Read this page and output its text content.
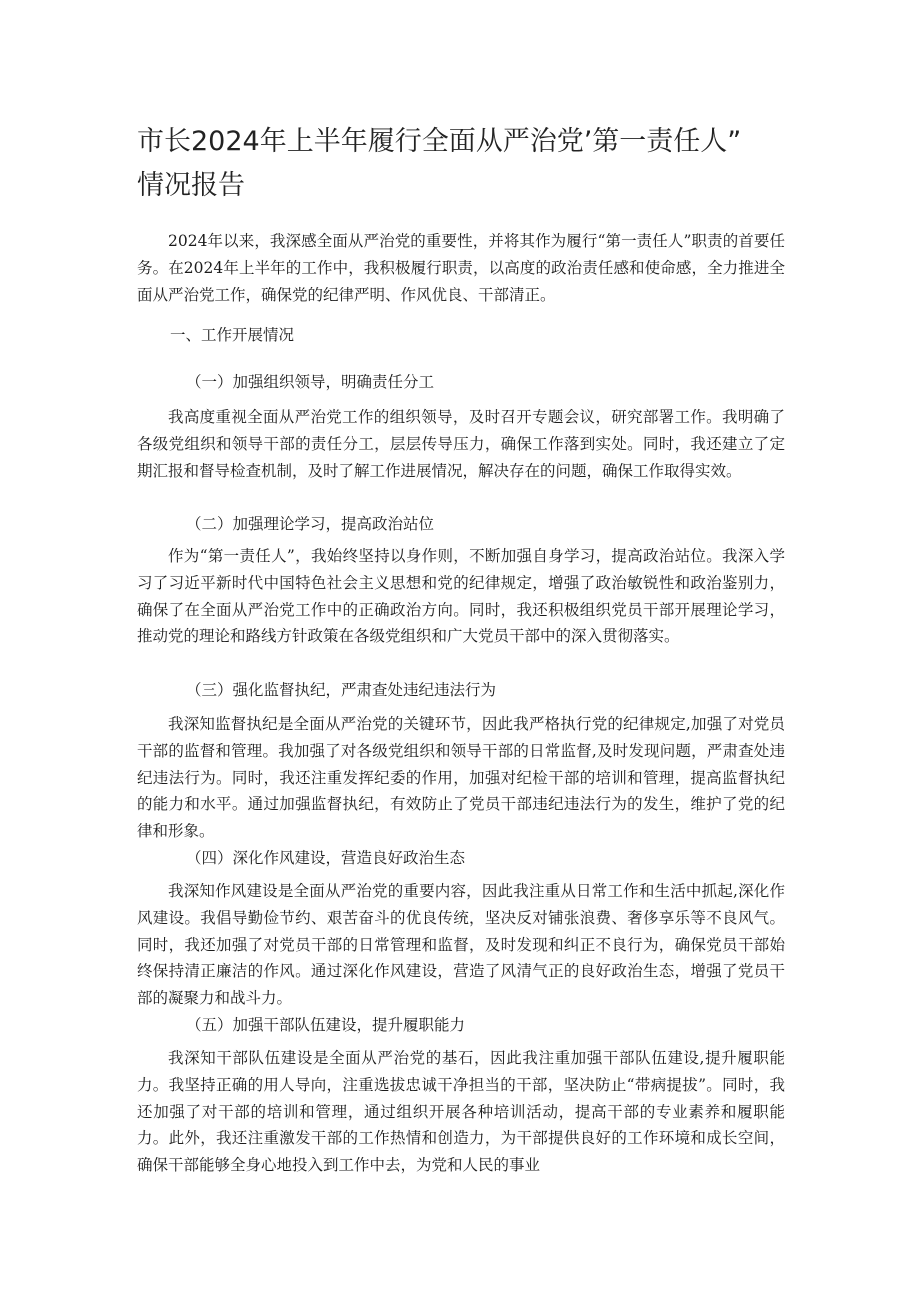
市长2024年上半年履行全面从严治党’第一责任人”
情况报告

2024年以来，我深感全面从严治党的重要性，并将其作为履行“第一责任人”职责的首要任务。在2024年上半年的工作中，我积极履行职责，以高度的政治责任感和使命感，全力推进全面从严治党工作，确保党的纪律严明、作风优良、干部清正。

一、工作开展情况

（一）加强组织领导，明确责任分工

我高度重视全面从严治党工作的组织领导，及时召开专题会议，研究部署工作。我明确了各级党组织和领导干部的责任分工，层层传导压力，确保工作落到实处。同时，我还建立了定期汇报和督导检查机制，及时了解工作进展情况，解决存在的问题，确保工作取得实效。

（二）加强理论学习，提高政治站位

作为“第一责任人”，我始终坚持以身作则，不断加强自身学习，提高政治站位。我深入学习了习近平新时代中国特色社会主义思想和党的纪律规定，增强了政治敏锐性和政治鉴别力，确保了在全面从严治党工作中的正确政治方向。同时，我还积极组织党员干部开展理论学习，推动党的理论和路线方针政策在各级党组织和广大党员干部中的深入贯彻落实。

（三）强化监督执纪，严肃查处违纪违法行为

我深知监督执纪是全面从严治党的关键环节，因此我严格执行党的纪律规定,加强了对党员干部的监督和管理。我加强了对各级党组织和领导干部的日常监督,及时发现问题，严肃查处违纪违法行为。同时，我还注重发挥纪委的作用，加强对纪检干部的培训和管理，提高监督执纪的能力和水平。通过加强监督执纪，有效防止了党员干部违纪违法行为的发生，维护了党的纪律和形象。

（四）深化作风建设，营造良好政治生态

我深知作风建设是全面从严治党的重要内容，因此我注重从日常工作和生活中抓起,深化作风建设。我倡导勤俭节约、艰苦奋斗的优良传统，坚决反对铺张浪费、奢侈享乐等不良风气。同时，我还加强了对党员干部的日常管理和监督，及时发现和纠正不良行为，确保党员干部始终保持清正廉洁的作风。通过深化作风建设，营造了风清气正的良好政治生态，增强了党员干部的凝聚力和战斗力。

（五）加强干部队伍建设，提升履职能力

我深知干部队伍建设是全面从严治党的基石，因此我注重加强干部队伍建设,提升履职能力。我坚持正确的用人导向，注重选拔忠诚干净担当的干部，坚决防止“带病提拔”。同时，我还加强了对干部的培训和管理，通过组织开展各种培训活动，提高干部的专业素养和履职能力。此外，我还注重激发干部的工作热情和创造力，为干部提供良好的工作环境和成长空间，确保干部能够全身心地投入到工作中去，为党和人民的事业
